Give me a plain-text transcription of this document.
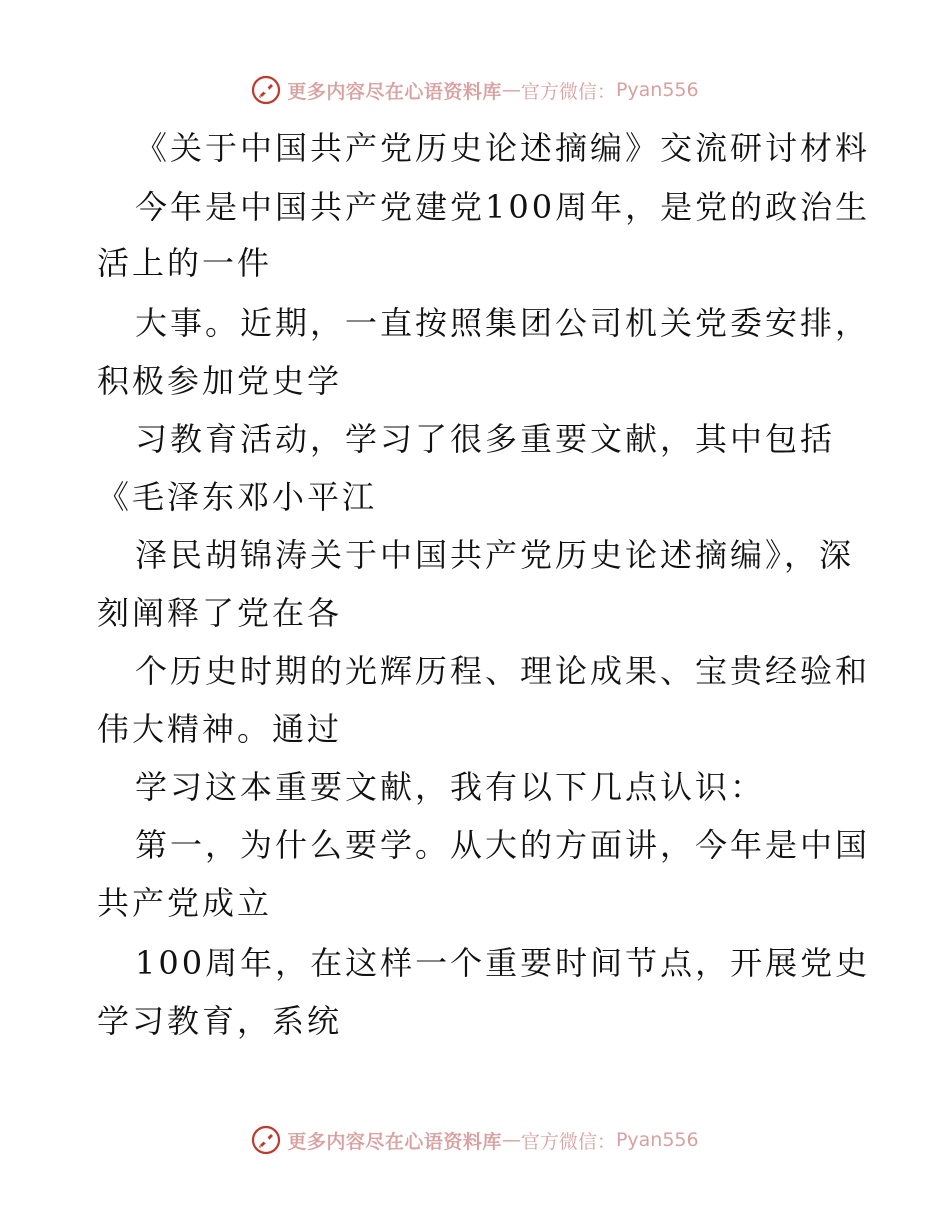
更多内容尽在心语资料库 — 官方微信： Pyan556
《关于中国共产党历史论述摘编》交流研讨材料
今年是中国共产党建党100周年，是党的政治生
活上的一件
大事。近期，一直按照集团公司机关党委安排，
积极参加党史学
习教育活动，学习了很多重要文献，其中包括
《毛泽东邓小平江
泽民胡锦涛关于中国共产党历史论述摘编》，深
刻阐释了党在各
个历史时期的光辉历程、理论成果、宝贵经验和
伟大精神。通过
学习这本重要文献，我有以下几点认识：
第一，为什么要学。从大的方面讲，今年是中国
共产党成立
100周年，在这样一个重要时间节点，开展党史
学习教育，系统
更多内容尽在心语资料库 — 官方微信： Pyan556
